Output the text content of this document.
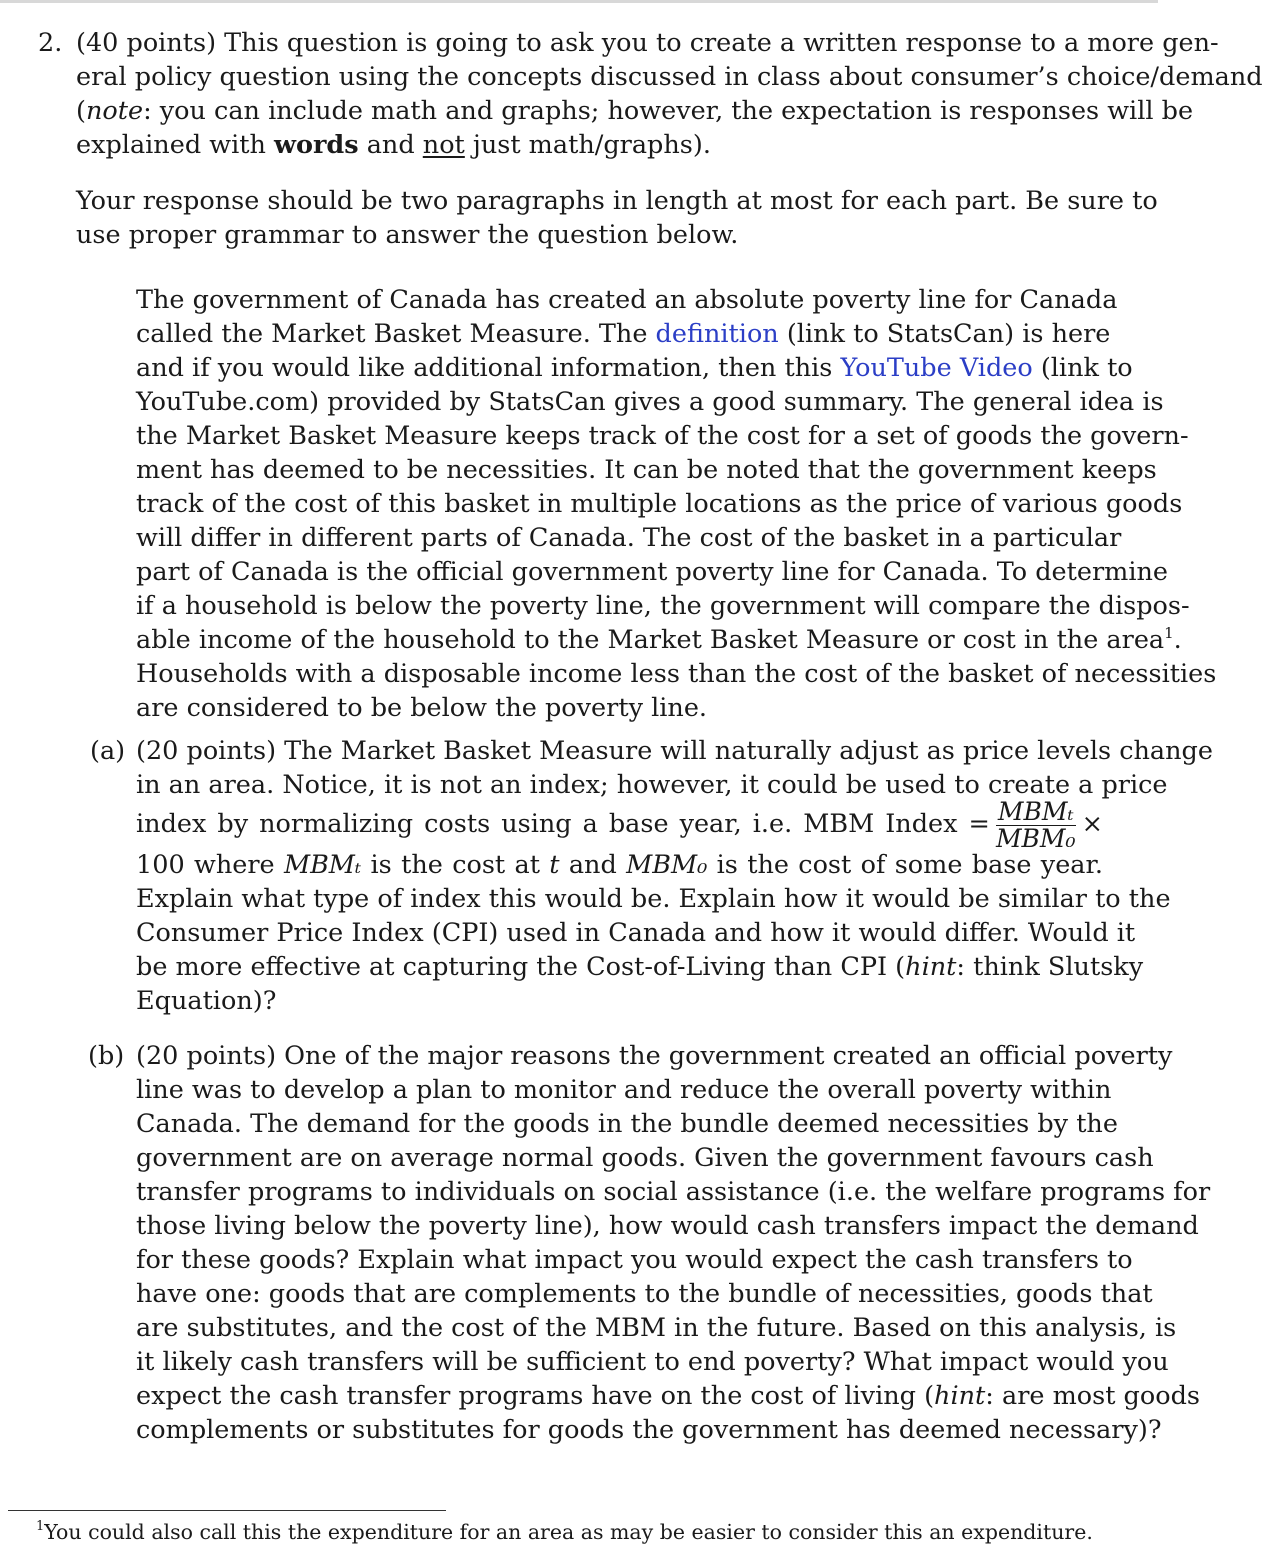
2. (40 points) This question is going to ask you to create a written response to a more gen-
eral policy question using the concepts discussed in class about consumer’s choice/demand
(note: you can include math and graphs; however, the expectation is responses will be
explained with words and not just math/graphs).
Your response should be two paragraphs in length at most for each part. Be sure to
use proper grammar to answer the question below.
The government of Canada has created an absolute poverty line for Canada
called the Market Basket Measure. The definition (link to StatsCan) is here
and if you would like additional information, then this YouTube Video (link to
YouTube.com) provided by StatsCan gives a good summary. The general idea is
the Market Basket Measure keeps track of the cost for a set of goods the govern-
ment has deemed to be necessities. It can be noted that the government keeps
track of the cost of this basket in multiple locations as the price of various goods
will differ in different parts of Canada. The cost of the basket in a particular
part of Canada is the official government poverty line for Canada. To determine
if a household is below the poverty line, the government will compare the dispos-
able income of the household to the Market Basket Measure or cost in the area$^1$.
Households with a disposable income less than the cost of the basket of necessities
are considered to be below the poverty line.
(a) (20 points) The Market Basket Measure will naturally adjust as price levels change
in an area. Notice, it is not an index; however, it could be used to create a price
index by normalizing costs using a base year, i.e. MBM Index = $\frac{\text{MBMₜ}}{\text{MBM₀}}$ ×
100 where MBMₜ is the cost at t and MBM₀ is the cost of some base year.
Explain what type of index this would be. Explain how it would be similar to the
Consumer Price Index (CPI) used in Canada and how it would differ. Would it
be more effective at capturing the Cost-of-Living than CPI (hint: think Slutsky
Equation)?
(b) (20 points) One of the major reasons the government created an official poverty
line was to develop a plan to monitor and reduce the overall poverty within
Canada. The demand for the goods in the bundle deemed necessities by the
government are on average normal goods. Given the government favours cash
transfer programs to individuals on social assistance (i.e. the welfare programs for
those living below the poverty line), how would cash transfers impact the demand
for these goods? Explain what impact you would expect the cash transfers to
have one: goods that are complements to the bundle of necessities, goods that
are substitutes, and the cost of the MBM in the future. Based on this analysis, is
it likely cash transfers will be sufficient to end poverty? What impact would you
expect the cash transfer programs have on the cost of living (hint: are most goods
complements or substitutes for goods the government has deemed necessary)?
$^1$You could also call this the expenditure for an area as may be easier to consider this an expenditure.
